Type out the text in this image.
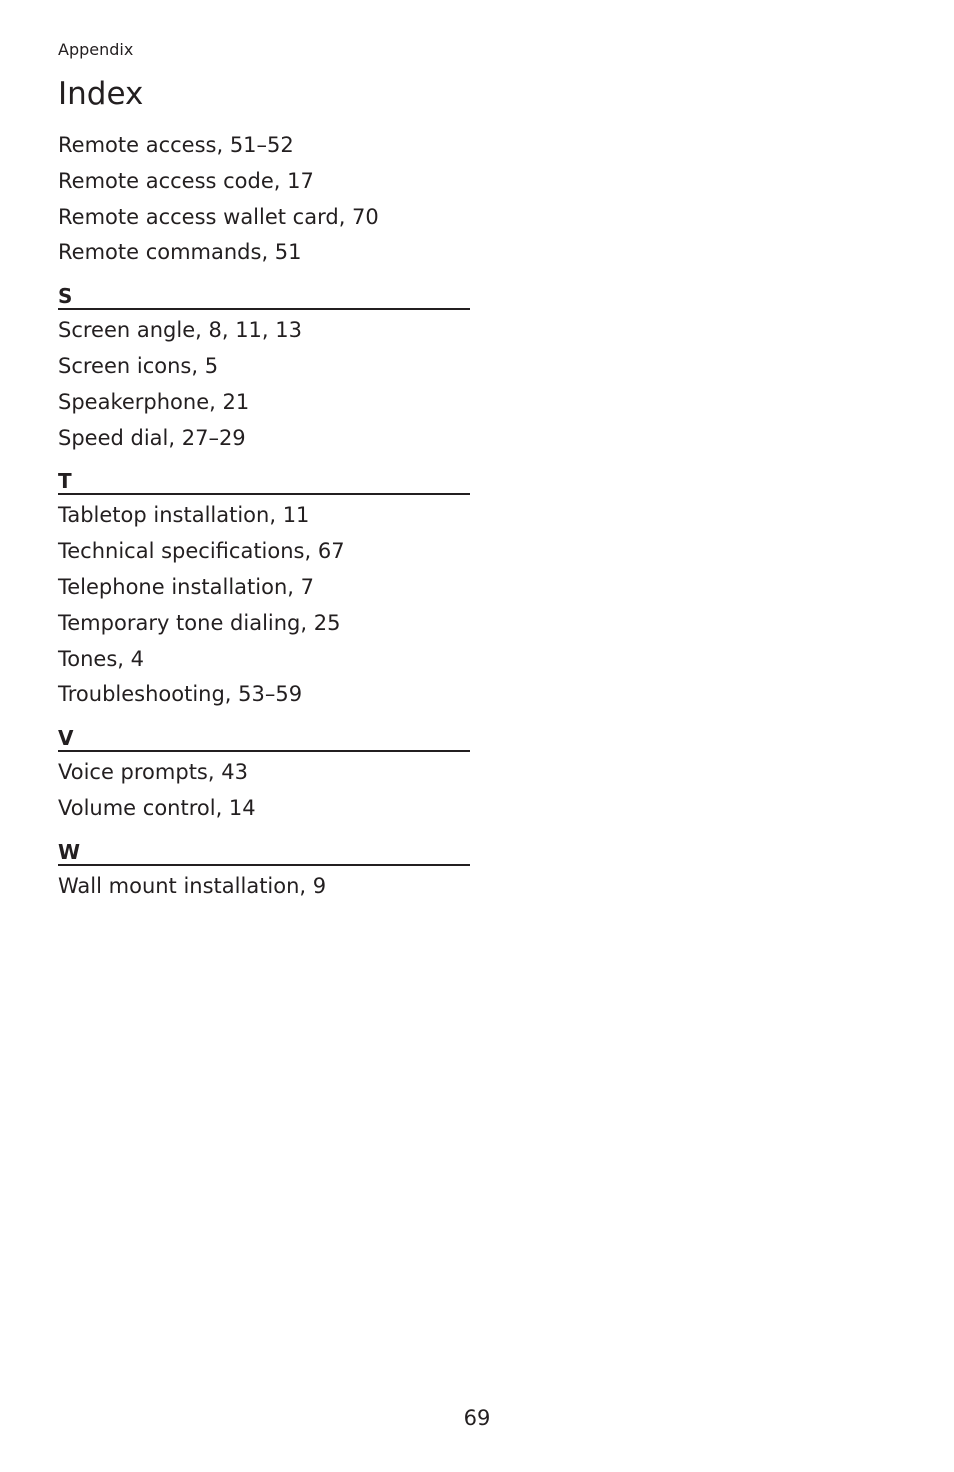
Appendix
Index
Remote access, 51–52
Remote access code, 17
Remote access wallet card, 70
Remote commands, 51
S
Screen angle, 8, 11, 13
Screen icons, 5
Speakerphone, 21
Speed dial, 27–29
T
Tabletop installation, 11
Technical specifications, 67
Telephone installation, 7
Temporary tone dialing, 25
Tones, 4
Troubleshooting, 53–59
V
Voice prompts, 43
Volume control, 14
W
Wall mount installation, 9
69
